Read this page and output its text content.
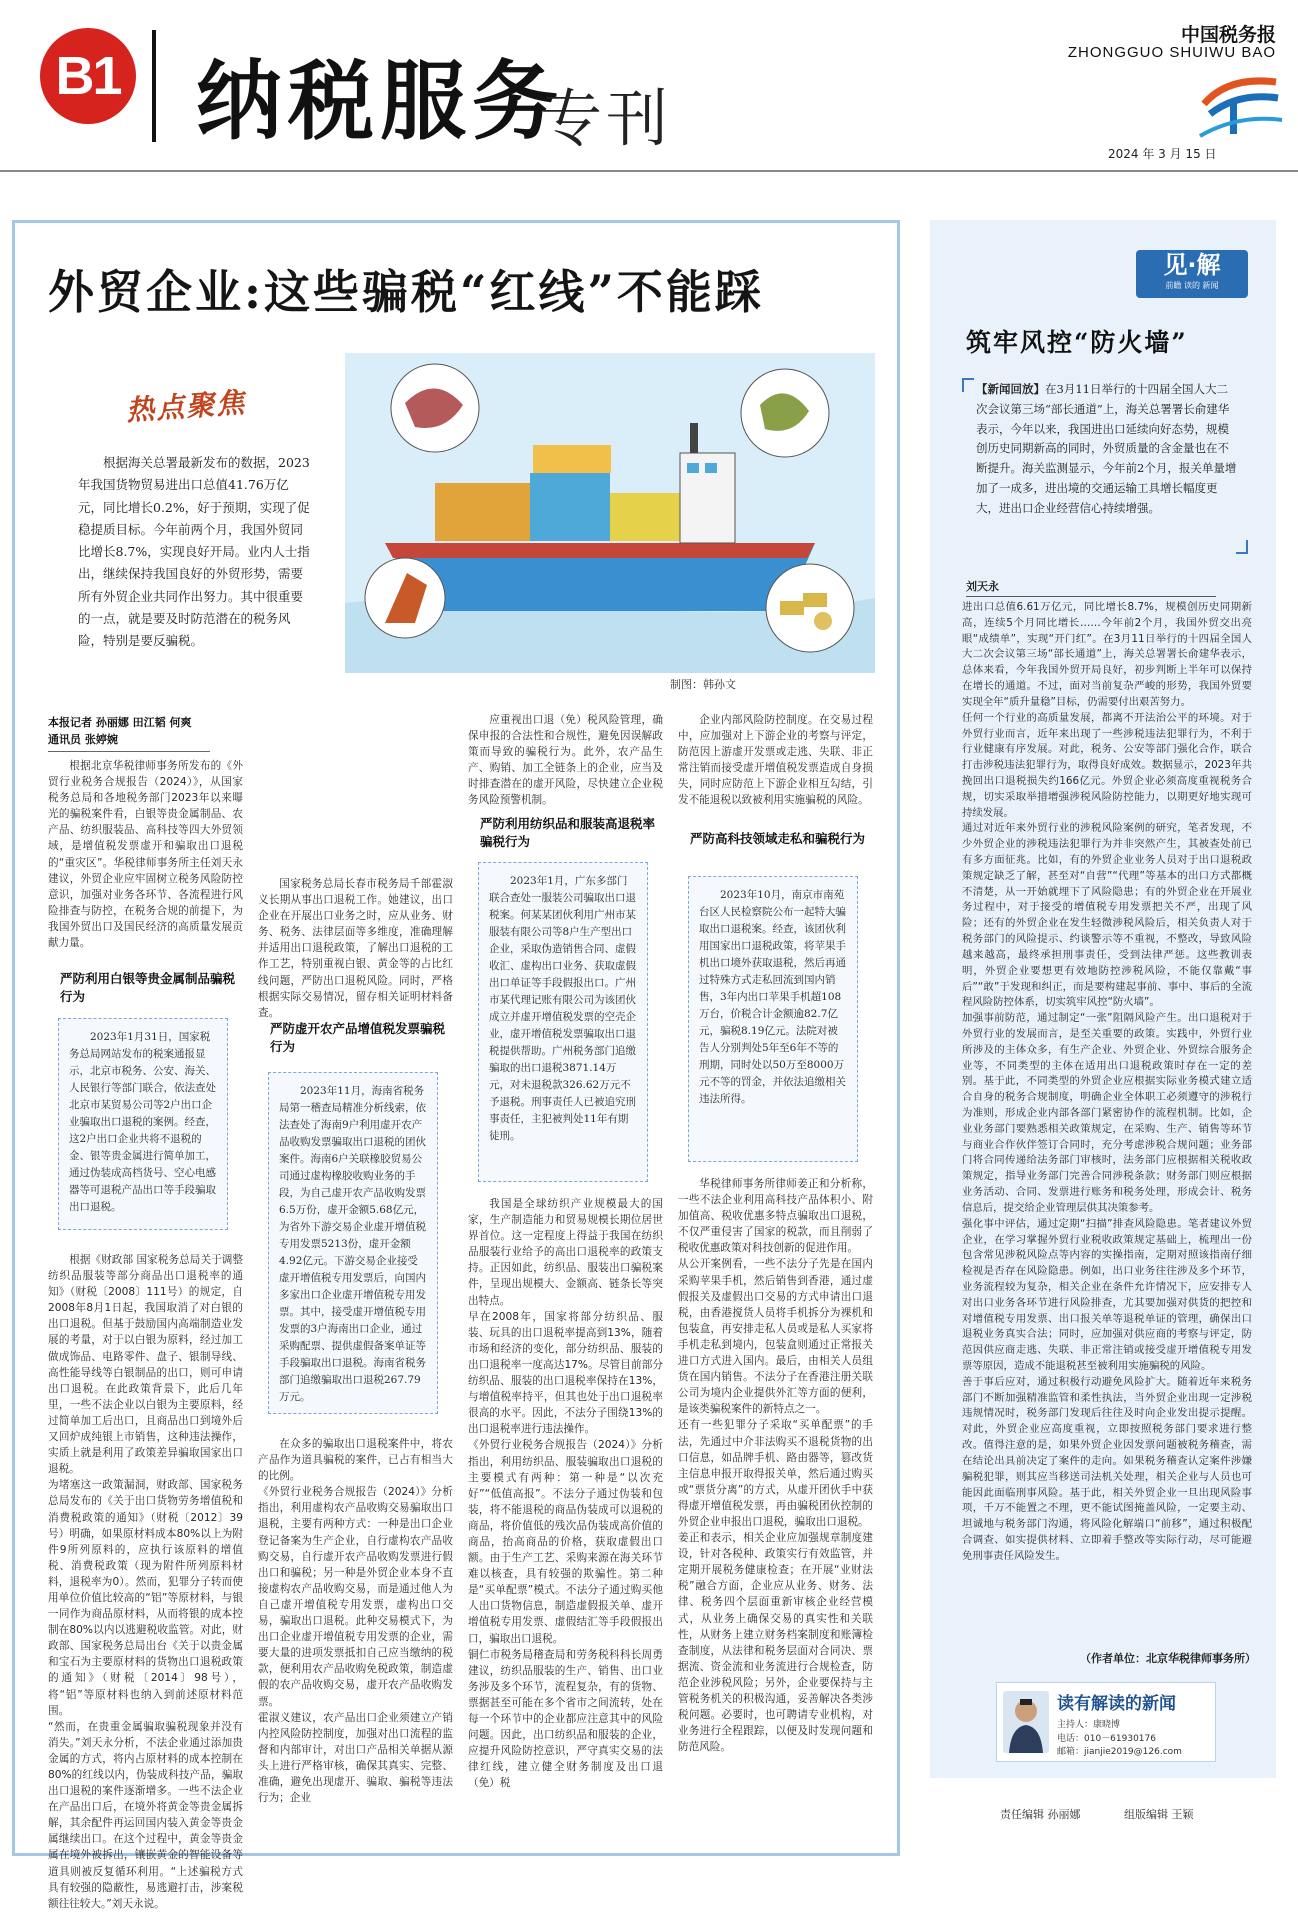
B1 纳税服务
专刊
中国税务报
ZHONGGUO SHUIWU BAO
2024 年 3 月 15 日
外贸企业:这些骗税“红线”不能踩
热点聚焦
根据海关总署最新发布的数据，2023年我国货物贸易进出口总值41.76万亿元，同比增长0.2%，好于预期，实现了促稳提质目标。今年前两个月，我国外贸同比增长8.7%，实现良好开局。业内人士指出，继续保持我国良好的外贸形势，需要所有外贸企业共同作出努力。其中很重要的一点，就是要及时防范潜在的税务风险，特别是要反骗税。
制图：韩孙文
本报记者 孙丽娜 田江韬 何爽
通讯员 张婷婉
根据北京华税律师事务所发布的《外贸行业税务合规报告（2024）》，从国家税务总局和各地税务部门2023年以来曝光的骗税案件看，白银等贵金属制品、农产品、纺织服装品、高科技等四大外贸领域，是增值税发票虚开和骗取出口退税的“重灾区”。华税律师事务所主任刘天永建议，外贸企业应牢固树立税务风险防控意识，加强对业务各环节、各流程进行风险排查与防控，在税务合规的前提下，为我国外贸出口及国民经济的高质量发展贡献力量。
严防利用白银等贵金属制品骗税行为
2023年1月31日，国家税务总局网站发布的税案通报显示，北京市税务、公安、海关、人民银行等部门联合，依法查处北京市某贸易公司等2户出口企业骗取出口退税的案例。经查，这2户出口企业共将不退税的金、银等贵金属进行简单加工，通过伪装成高档货号、空心电感器等可退税产品出口等手段骗取出口退税。
根据《财政部 国家税务总局关于调整纺织品服装等部分商品出口退税率的通知》（财税〔2008〕111号）的规定，自2008年8月1日起，我国取消了对白银的出口退税。但基于鼓励国内高端制造业发展的考量，对于以白银为原料，经过加工做成饰品、电路零件、盘子、银制导线、高性能导线等白银制品的出口，则可申请出口退税。在此政策背景下，此后几年里，一些不法企业以白银为主要原料，经过简单加工后出口，且商品出口到境外后又回炉成纯银上市销售，这种违法操作，实质上就是利用了政策差异骗取国家出口退税。
为堵塞这一政策漏洞，财政部、国家税务总局发布的《关于出口货物劳务增值税和消费税政策的通知》（财税〔2012〕39号）明确，如果原材料成本80%以上为附件9所列原料的，应执行该原料的增值税、消费税政策（现为附件所列原料材料，退税率为0）。然而，犯罪分子转而使用单位价值比较高的“铝”等原材料，与银一同作为商品原材料，从而将银的成本控制在80%以内以逃避税收监管。对此，财政部、国家税务总局出台《关于以贵金属和宝石为主要原材料的货物出口退税政策的通知》（财税〔2014〕98号），将“铝”等原材料也纳入到前述原材料范围。
“然而，在贵重金属骗取骗税现象并没有消失。”刘天永分析，不法企业通过添加贵金属的方式，将内占原材料的成本控制在80%的红线以内，伪装成科技产品，骗取出口退税的案件逐渐增多。一些不法企业在产品出口后，在境外将黄金等贵金属拆解，其余配件再运回国内装入黄金等贵金属继续出口。在这个过程中，黄金等贵金属在境外被拆出，镶嵌黄金的智能设备等道具则被反复循环利用。“上述骗税方式具有较强的隐蔽性，易逃避打击，涉案税额往往较大。”刘天永说。
国家税务总局长春市税务局千部霍淑义长期从事出口退税工作。她建议，出口企业在开展出口业务之时，应从业务、财务、税务、法律层面等多维度，准确理解并适用出口退税政策，了解出口退税的工作工艺，特别重视白银、黄金等的占比红线问题，严防出口退税风险。同时，严格根据实际交易情况，留存相关证明材料备查。
严防虚开农产品增值税发票骗税行为
2023年11月，海南省税务局第一稽查局精准分析线索，依法查处了海南9户利用虚开农产品收购发票骗取出口退税的团伙案件。海南6户关联橡胶贸易公司通过虚构橡胶收购业务的手段，为自己虚开农产品收购发票6.5万份，虚开金额5.68亿元，为省外下游交易企业虚开增值税专用发票5213份，虚开金额4.92亿元。下游交易企业接受虚开增值税专用发票后，向国内多家出口企业虚开增值税专用发票。其中，接受虚开增值税专用发票的3户海南出口企业，通过采购配票、提供虚假备案单证等手段骗取出口退税。海南省税务部门追缴骗取出口退税267.79万元。
在众多的骗取出口退税案件中，将农产品作为道具骗税的案件，已占有相当大的比例。
《外贸行业税务合规报告（2024）》分析指出，利用虚构农产品收购交易骗取出口退税，主要有两种方式：一种是出口企业登记备案为生产企业，自行虚构农产品收购交易，自行虚开农产品收购发票进行假出口和骗税；另一种是外贸企业本身不直接虚构农产品收购交易，而是通过他人为自己虚开增值税专用发票，虚构出口交易，骗取出口退税。此种交易模式下，为出口企业虚开增值税专用发票的企业，需要大量的进项发票抵扣自己应当缴纳的税款，便利用农产品收购免税政策，制造虚假的农产品收购交易，虚开农产品收购发票。
霍淑义建议，农产品出口企业须建立产销内控风险防控制度，加强对出口流程的监督和内部审计，对出口产品相关单据从源头上进行严格审核，确保其真实、完整、准确，避免出现虚开、骗取、骗税等违法行为；企业
应重视出口退（免）税风险管理，确保申报的合法性和合规性，避免因误解政策而导致的骗税行为。此外，农产品生产、购销、加工全链条上的企业，应当及时排查潜在的虚开风险，尽快建立企业税务风险预警机制。
严防利用纺织品和服装高退税率骗税行为
2023年1月，广东多部门联合查处一服装公司骗取出口退税案。何某某团伙利用广州市某服装有限公司等8户生产型出口企业，采取伪造销售合同、虚假收汇、虚构出口业务、获取虚假出口单证等手段假报出口。广州市某代理记账有限公司为该团伙成立并虚开增值税发票的空壳企业，虚开增值税发票骗取出口退税提供帮助。广州税务部门追缴骗取的出口退税3871.14万元，对未退税款326.62万元不予退税。刑事责任人已被追究刑事责任，主犯被判处11年有期徒刑。
我国是全球纺织产业规模最大的国家，生产制造能力和贸易规模长期位居世界首位。这一定程度上得益于我国在纺织品服装行业给予的高出口退税率的政策支持。正因如此，纺织品、服装出口骗税案件，呈现出规模大、金额高、链条长等突出特点。
早在2008年，国家将部分纺织品、服装、玩具的出口退税率提高到13%，随着市场和经济的变化，部分纺织品、服装的出口退税率一度高达17%。尽管目前部分纺织品、服装的出口退税率保持在13%，与增值税率持平，但其也处于出口退税率很高的水平。因此，不法分子围绕13%的出口退税率进行违法操作。
《外贸行业税务合规报告（2024）》分析指出，利用纺织品、服装骗取出口退税的主要模式有两种：第一种是“以次充好”“低值高报”。不法分子通过伪装和包装，将不能退税的商品伪装成可以退税的商品，将价值低的残次品伪装成高价值的商品，抬高商品的价格，获取虚假出口额。由于生产工艺、采购来源在海关环节难以核查，具有较强的欺骗性。第二种是“买单配票”模式。不法分子通过购买他人出口货物信息，制造虚假报关单、虚开增值税专用发票、虚假结汇等手段假报出口，骗取出口退税。
铜仁市税务局稽查局和劳务税科科长周勇建议，纺织品服装的生产、销售、出口业务涉及多个环节，流程复杂，有的货物、票据甚至可能在多个省市之间流转，处在每一个环节中的企业都应注意其中的风险问题。因此，出口纺织品和服装的企业，应提升风险防控意识，严守真实交易的法律红线，建立健全财务制度及出口退（免）税
企业内部风险防控制度。在交易过程中，应加强对上下游企业的考察与评定，防范因上游虚开发票或走逃、失联、非正常注销而接受虚开增值税发票造成自身损失，同时应防范上下游企业相互勾结，引发不能退税以致被利用实施骗税的风险。
严防高科技领域走私和骗税行为
2023年10月，南京市南苑台区人民检察院公布一起特大骗取出口退税案。经查，该团伙利用国家出口退税政策，将苹果手机出口境外获取退税，然后再通过特殊方式走私回流到国内销售，3年内出口苹果手机超108万台，价税合计金额逾82.7亿元，骗税8.19亿元。法院对被告人分别判处5年至6年不等的刑期，同时处以50万至8000万元不等的罚金，并依法追缴相关违法所得。
华税律师事务所律师姜正和分析称，一些不法企业利用高科技产品体积小、附加值高、税收优惠多特点骗取出口退税，不仅严重侵害了国家的税款，而且削弱了税收优惠政策对科技创新的促进作用。
从公开案例看，一些不法分子先是在国内采购苹果手机，然后销售到香港，通过虚假报关及虚假出口交易的方式申请出口退税，由香港搅货人员将手机拆分为裸机和包装盒，再安排走私人员或是私人买家将手机走私到境内，包装盒则通过正常报关进口方式进入国内。最后，由相关人员组货在国内销售。不法分子在香港注册关联公司为境内企业提供外汇等方面的便利，是该类骗税案件的新特点之一。
还有一些犯罪分子采取“买单配票”的手法，先通过中介非法购买不退税货物的出口信息，如品牌手机、路由器等，篡改货主信息申报开取得报关单，然后通过购买或“票货分离”的方式，从虚开团伙手中获得虚开增值税发票，再由骗税团伙控制的外贸企业申报出口退税，骗取出口退税。
姜正和表示，相关企业应加强规章制度建设，针对各税种、政策实行有效监管，并定期开展税务健康检查；在开展“业财法税”融合方面，企业应从业务、财务、法律、税务四个层面重新审核企业经营模式，从业务上确保交易的真实性和关联性，从财务上建立财务档案制度和账簿检查制度，从法律和税务层面对合同决、票据流、资金流和业务流进行合规检查，防范企业涉税风险；另外，企业要保持与主管税务机关的积极沟通，妥善解决各类涉税问题。必要时，也可聘请专业机构，对业务进行全程跟踪，以便及时发现问题和防范风险。
见·解
前瞻 读的 新闻
筑牢风控“防火墙”
【新闻回放】在3月11日举行的十四届全国人大二次会议第三场“部长通道”上，海关总署署长俞建华表示，今年以来，我国进出口延续向好态势，规模创历史同期新高的同时，外贸质量的含金量也在不断提升。海关监测显示，今年前2个月，报关单量增加了一成多，进出境的交通运输工具增长幅度更大，进出口企业经营信心持续增强。
刘天永
进出口总值6.61万亿元，同比增长8.7%，规模创历史同期新高，连续5个月同比增长……今年前2个月，我国外贸交出亮眼“成绩单”，实现“开门红”。在3月11日举行的十四届全国人大二次会议第三场“部长通道”上，海关总署署长俞建华表示，总体来看，今年我国外贸开局良好，初步判断上半年可以保持在增长的通道。不过，面对当前复杂严峻的形势，我国外贸要实现全年“质升量稳”目标，仍需要付出艰苦努力。
任何一个行业的高质量发展，都离不开法治公平的环境。对于外贸行业而言，近年来出现了一些涉税违法犯罪行为，不利于行业健康有序发展。对此，税务、公安等部门强化合作，联合打击涉税违法犯罪行为，取得良好成效。数据显示，2023年共挽回出口退税损失约166亿元。外贸企业必须高度重视税务合规，切实采取举措增强涉税风险防控能力，以期更好地实现可持续发展。
通过对近年来外贸行业的涉税风险案例的研究，笔者发现，不少外贸企业的涉税违法犯罪行为并非突然产生，其被查处前已有多方面征兆。比如，有的外贸企业业务人员对于出口退税政策规定缺乏了解，甚至对“自营”“代理”等基本的出口方式都概不清楚，从一开始就埋下了风险隐患；有的外贸企业在开展业务过程中，对于接受的增值税专用发票把关不严，出现了风险；还有的外贸企业在发生轻微涉税风险后，相关负责人对于税务部门的风险提示、约谈警示等不重视，不整改，导致风险越来越高，最终承担刑事责任，受到法律严惩。这些教训表明，外贸企业要想更有效地防控涉税风险，不能仅靠戴“事后”“敢”于发现和纠正，而是要构建起事前、事中、事后的全流程风险防控体系，切实筑牢风控“防火墙”。
加强事前防范，通过制定“一张”阻隔风险产生。出口退税对于外贸行业的发展而言，是至关重要的政策。实践中，外贸行业所涉及的主体众多，有生产企业、外贸企业、外贸综合服务企业等，不同类型的主体在适用出口退税政策时存在一定的差别。基于此，不同类型的外贸企业应根据实际业务模式建立适合自身的税务合规制度，明确企业全体职工必须遵守的涉税行为准则，形成企业内部各部门紧密协作的流程机制。比如，企业业务部门要熟悉相关政策规定，在采购、生产、销售等环节与商业合作伙伴签订合同时，充分考虑涉税合规问题；业务部门将合同传递给法务部门审核时，法务部门应根据相关税收政策规定，指导业务部门完善合同涉税条款；财务部门则应根据业务活动、合同、发票进行账务和税务处理，形成会计、税务信息后，提交给企业管理层供其决策参考。
强化事中评估，通过定期“扫描”排查风险隐患。笔者建议外贸企业，在学习掌握外贸行业税收政策规定基础上，梳理出一份包含常见涉税风险点等内容的实操指南，定期对照该指南仔细检视是否存在风险隐患。例如，出口业务往往涉及多个环节，业务流程较为复杂，相关企业在条件允许情况下，应安排专人对出口业务各环节进行风险排查，尤其要加强对供货的把控和对增值税专用发票、出口报关单等退税单证的管理，确保出口退税业务真实合法；同时，应加强对供应商的考察与评定，防范因供应商走逃、失联、非正常注销或接受虚开增值税专用发票等原因，造成不能退税甚至被利用实施骗税的风险。
善于事后应对，通过积极行动避免风险扩大。随着近年来税务部门不断加强精准监管和柔性执法，当外贸企业出现一定涉税违规情况时，税务部门发现后往往及时向企业发出提示提醒。对此，外贸企业应高度重视，立即按照税务部门要求进行整改。值得注意的是，如果外贸企业因发票问题被税务稽查，需在结论出具前决定了案件的走向。如果税务稽查认定案件涉嫌骗税犯罪，则其应当移送司法机关处理，相关企业与人员也可能因此面临刑事风险。基于此，相关外贸企业一旦出现风险事项，千万不能置之不理，更不能试图掩盖风险，一定要主动、坦诚地与税务部门沟通，将风险化解端口“前移”，通过积极配合调查、如实提供材料、立即着手整改等实际行动，尽可能避免刑事责任风险发生。
（作者单位：北京华税律师事务所）
读有解读的新闻
主持人：康晓博
电话：010－61930176
邮箱：jianjie2019@126.com
责任编辑 孙丽娜	组版编辑 王颖
